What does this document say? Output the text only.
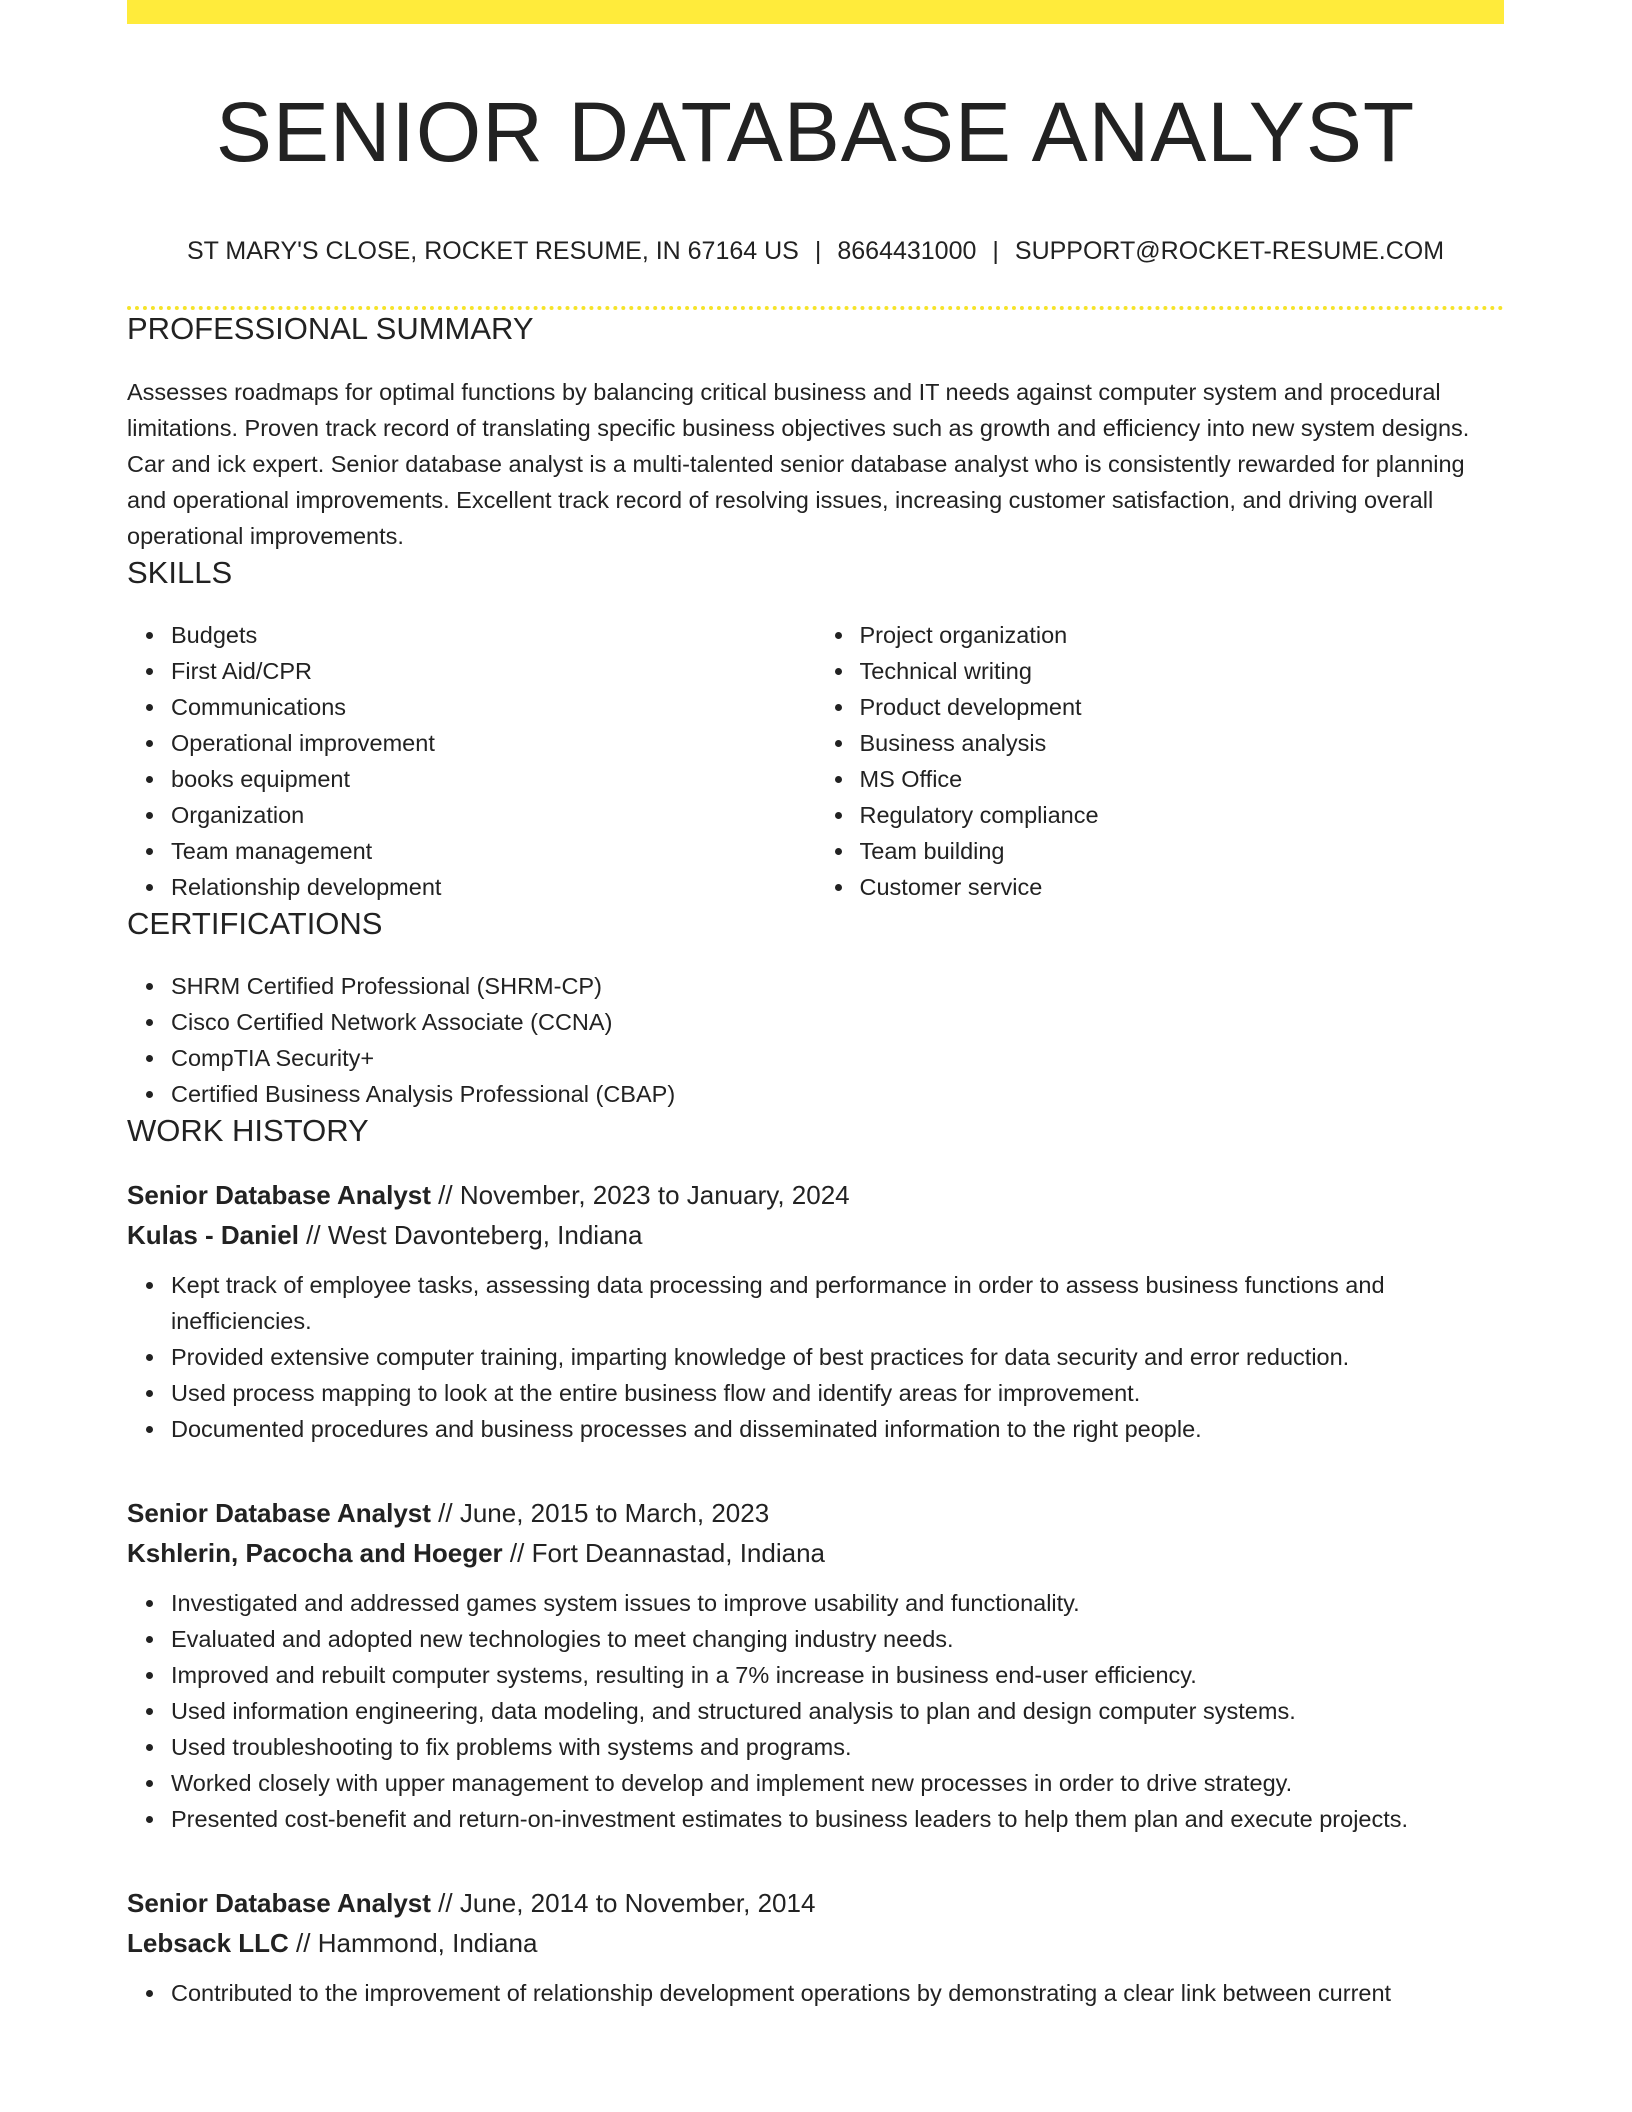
SENIOR DATABASE ANALYST
ST MARY'S CLOSE, ROCKET RESUME, IN 67164 US | 8664431000 | SUPPORT@ROCKET-RESUME.COM
PROFESSIONAL SUMMARY

Assesses roadmaps for optimal functions by balancing critical business and IT needs against computer system and procedural limitations. Proven track record of translating specific business objectives such as growth and efficiency into new system designs. Car and ick expert. Senior database analyst is a multi-talented senior database analyst who is consistently rewarded for planning and operational improvements. Excellent track record of resolving issues, increasing customer satisfaction, and driving overall operational improvements.

SKILLS
Budgets
First Aid/CPR
Communications
Operational improvement
books equipment
Organization
Team management
Relationship development
Project organization
Technical writing
Product development
Business analysis
MS Office
Regulatory compliance
Team building
Customer service
CERTIFICATIONS
SHRM Certified Professional (SHRM-CP)
Cisco Certified Network Associate (CCNA)
CompTIA Security+
Certified Business Analysis Professional (CBAP)
WORK HISTORY
Senior Database Analyst // November, 2023 to January, 2024
Kulas - Daniel // West Davonteberg, Indiana
Kept track of employee tasks, assessing data processing and performance in order to assess business functions and inefficiencies.
Provided extensive computer training, imparting knowledge of best practices for data security and error reduction.
Used process mapping to look at the entire business flow and identify areas for improvement.
Documented procedures and business processes and disseminated information to the right people.
Senior Database Analyst // June, 2015 to March, 2023
Kshlerin, Pacocha and Hoeger // Fort Deannastad, Indiana
Investigated and addressed games system issues to improve usability and functionality.
Evaluated and adopted new technologies to meet changing industry needs.
Improved and rebuilt computer systems, resulting in a 7% increase in business end-user efficiency.
Used information engineering, data modeling, and structured analysis to plan and design computer systems.
Used troubleshooting to fix problems with systems and programs.
Worked closely with upper management to develop and implement new processes in order to drive strategy.
Presented cost-benefit and return-on-investment estimates to business leaders to help them plan and execute projects.
Senior Database Analyst // June, 2014 to November, 2014
Lebsack LLC // Hammond, Indiana
Contributed to the improvement of relationship development operations by demonstrating a clear link between current
